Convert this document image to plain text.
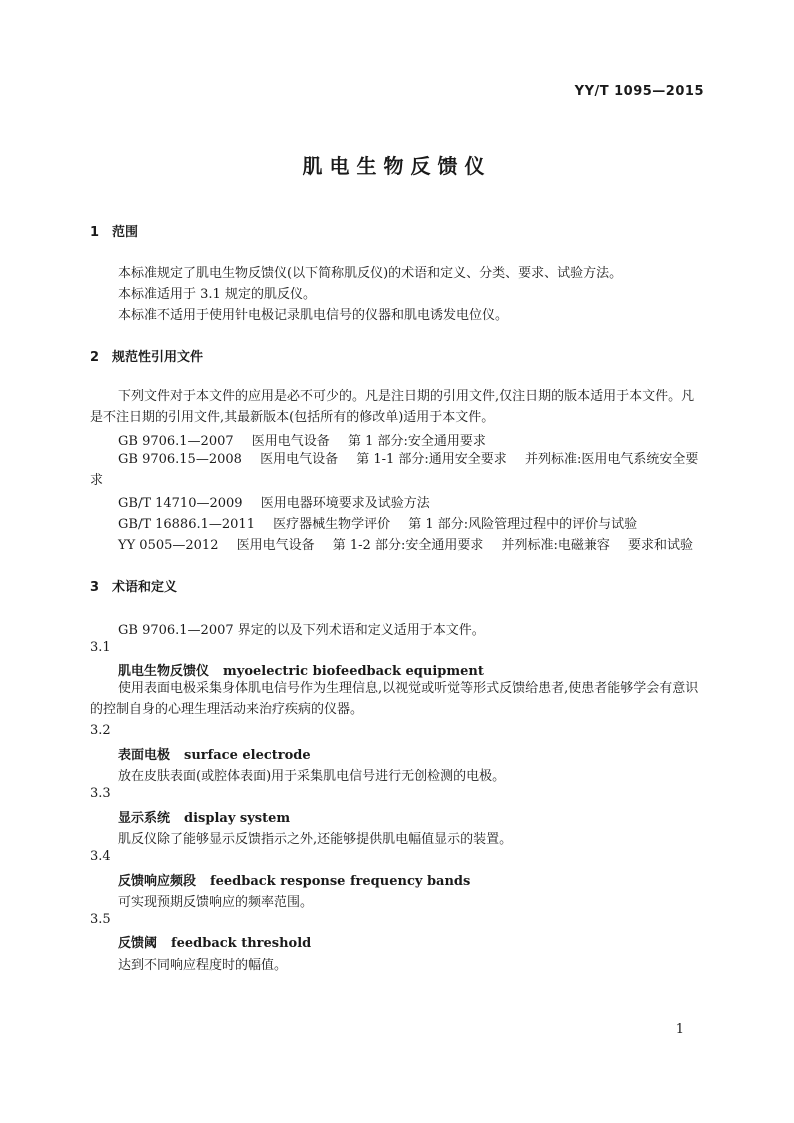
YY/T 1095—2015
肌电生物反馈仪
1 范围
本标准规定了肌电生物反馈仪(以下简称肌反仪)的术语和定义、分类、要求、试验方法。
本标准适用于 3.1 规定的肌反仪。
本标准不适用于使用针电极记录肌电信号的仪器和肌电诱发电位仪。
2 规范性引用文件
下列文件对于本文件的应用是必不可少的。凡是注日期的引用文件,仅注日期的版本适用于本文件。凡是不注日期的引用文件,其最新版本(包括所有的修改单)适用于本文件。
GB 9706.1—2007 医用电气设备 第 1 部分:安全通用要求
GB 9706.15—2008 医用电气设备 第 1-1 部分:通用安全要求 并列标准:医用电气系统安全要求
GB/T 14710—2009 医用电器环境要求及试验方法
GB/T 16886.1—2011 医疗器械生物学评价 第 1 部分:风险管理过程中的评价与试验
YY 0505—2012 医用电气设备 第 1-2 部分:安全通用要求 并列标准:电磁兼容 要求和试验
3 术语和定义
GB 9706.1—2007 界定的以及下列术语和定义适用于本文件。
3.1
肌电生物反馈仪 myoelectric biofeedback equipment
使用表面电极采集身体肌电信号作为生理信息,以视觉或听觉等形式反馈给患者,使患者能够学会有意识的控制自身的心理生理活动来治疗疾病的仪器。
3.2
表面电极 surface electrode
放在皮肤表面(或腔体表面)用于采集肌电信号进行无创检测的电极。
3.3
显示系统 display system
肌反仪除了能够显示反馈指示之外,还能够提供肌电幅值显示的装置。
3.4
反馈响应频段 feedback response frequency bands
可实现预期反馈响应的频率范围。
3.5
反馈阈 feedback threshold
达到不同响应程度时的幅值。
1
